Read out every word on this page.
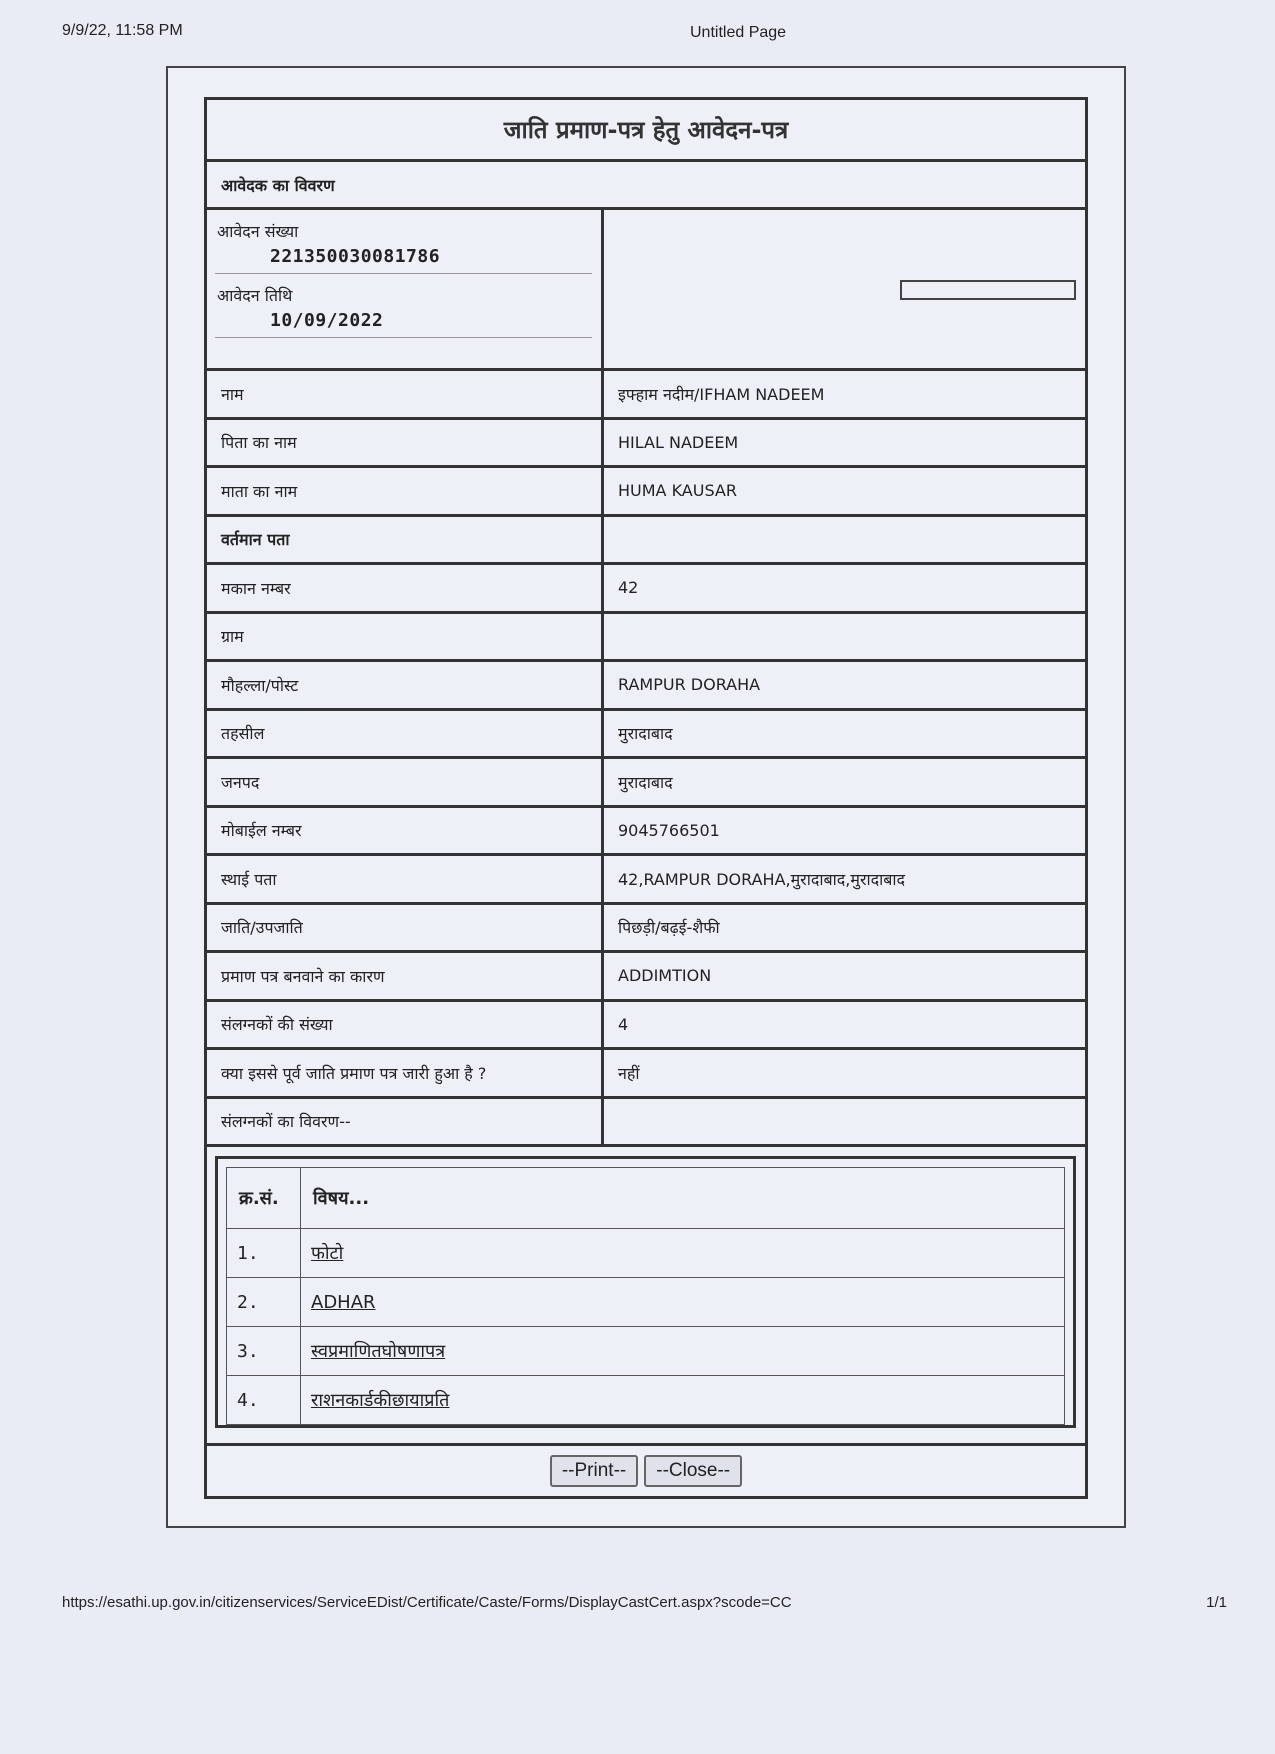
9/9/22, 11:58 PM	Untitled Page
जाति प्रमाण-पत्र हेतु आवेदन-पत्र
आवेदक का विवरण
आवेदन संख्या
221350030081786
आवेदन तिथि
10/09/2022
नाम	इफ्हाम नदीम/IFHAM NADEEM
पिता का नाम	HILAL NADEEM
माता का नाम	HUMA KAUSAR
वर्तमान पता
मकान नम्बर	42
ग्राम
मौहल्ला/पोस्ट	RAMPUR DORAHA
तहसील	मुरादाबाद
जनपद	मुरादाबाद
मोबाईल नम्बर	9045766501
स्थाई पता	42,RAMPUR DORAHA,मुरादाबाद,मुरादाबाद
जाति/उपजाति	पिछड़ी/बढ़ई-शैफी
प्रमाण पत्र बनवाने का कारण	ADDIMTION
संलग्नकों की संख्या	4
क्या इससे पूर्व जाति प्रमाण पत्र जारी हुआ है ?	नहीं
संलग्नकों का विवरण--
क्र.सं.	विषय...
1.	फोटो
2.	ADHAR
3.	स्वप्रमाणितघोषणापत्र
4.	राशनकार्डकीछायाप्रति
--Print--	--Close--
https://esathi.up.gov.in/citizenservices/ServiceEDist/Certificate/Caste/Forms/DisplayCastCert.aspx?scode=CC	1/1
